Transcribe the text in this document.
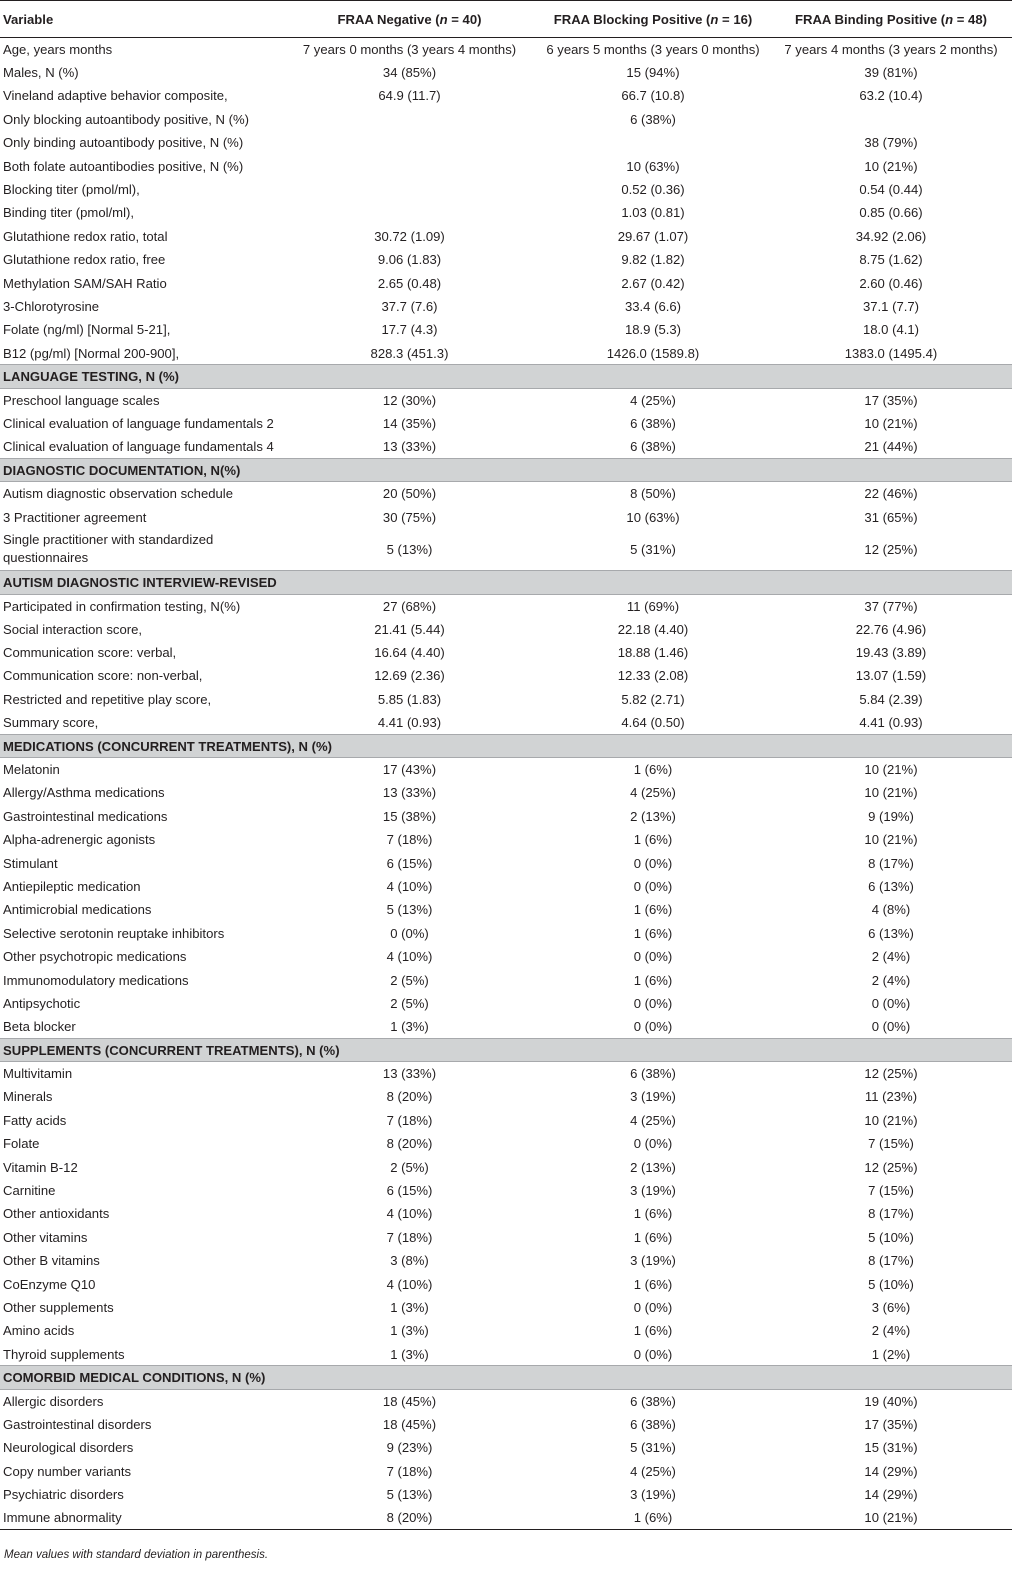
Variable	FRAA Negative (n = 40)	FRAA Blocking Positive (n = 16)	FRAA Binding Positive (n = 48)
Age, years months	7 years 0 months (3 years 4 months)	6 years 5 months (3 years 0 months)	7 years 4 months (3 years 2 months)
Males, N (%)	34 (85%)	15 (94%)	39 (81%)
Vineland adaptive behavior composite,	64.9 (11.7)	66.7 (10.8)	63.2 (10.4)
Only blocking autoantibody positive, N (%)		6 (38%)	
Only binding autoantibody positive, N (%)			38 (79%)
Both folate autoantibodies positive, N (%)		10 (63%)	10 (21%)
Blocking titer (pmol/ml),		0.52 (0.36)	0.54 (0.44)
Binding titer (pmol/ml),		1.03 (0.81)	0.85 (0.66)
Glutathione redox ratio, total	30.72 (1.09)	29.67 (1.07)	34.92 (2.06)
Glutathione redox ratio, free	9.06 (1.83)	9.82 (1.82)	8.75 (1.62)
Methylation SAM/SAH Ratio	2.65 (0.48)	2.67 (0.42)	2.60 (0.46)
3-Chlorotyrosine	37.7 (7.6)	33.4 (6.6)	37.1 (7.7)
Folate (ng/ml) [Normal 5-21],	17.7 (4.3)	18.9 (5.3)	18.0 (4.1)
B12 (pg/ml) [Normal 200-900],	828.3 (451.3)	1426.0 (1589.8)	1383.0 (1495.4)
LANGUAGE TESTING, N (%)			
Preschool language scales	12 (30%)	4 (25%)	17 (35%)
Clinical evaluation of language fundamentals 2	14 (35%)	6 (38%)	10 (21%)
Clinical evaluation of language fundamentals 4	13 (33%)	6 (38%)	21 (44%)
DIAGNOSTIC DOCUMENTATION, N(%)			
Autism diagnostic observation schedule	20 (50%)	8 (50%)	22 (46%)
3 Practitioner agreement	30 (75%)	10 (63%)	31 (65%)
Single practitioner with standardized questionnaires	5 (13%)	5 (31%)	12 (25%)
AUTISM DIAGNOSTIC INTERVIEW-REVISED			
Participated in confirmation testing, N(%)	27 (68%)	11 (69%)	37 (77%)
Social interaction score,	21.41 (5.44)	22.18 (4.40)	22.76 (4.96)
Communication score: verbal,	16.64 (4.40)	18.88 (1.46)	19.43 (3.89)
Communication score: non-verbal,	12.69 (2.36)	12.33 (2.08)	13.07 (1.59)
Restricted and repetitive play score,	5.85 (1.83)	5.82 (2.71)	5.84 (2.39)
Summary score,	4.41 (0.93)	4.64 (0.50)	4.41 (0.93)
MEDICATIONS (CONCURRENT TREATMENTS), N (%)			
Melatonin	17 (43%)	1 (6%)	10 (21%)
Allergy/Asthma medications	13 (33%)	4 (25%)	10 (21%)
Gastrointestinal medications	15 (38%)	2 (13%)	9 (19%)
Alpha-adrenergic agonists	7 (18%)	1 (6%)	10 (21%)
Stimulant	6 (15%)	0 (0%)	8 (17%)
Antiepileptic medication	4 (10%)	0 (0%)	6 (13%)
Antimicrobial medications	5 (13%)	1 (6%)	4 (8%)
Selective serotonin reuptake inhibitors	0 (0%)	1 (6%)	6 (13%)
Other psychotropic medications	4 (10%)	0 (0%)	2 (4%)
Immunomodulatory medications	2 (5%)	1 (6%)	2 (4%)
Antipsychotic	2 (5%)	0 (0%)	0 (0%)
Beta blocker	1 (3%)	0 (0%)	0 (0%)
SUPPLEMENTS (CONCURRENT TREATMENTS), N (%)			
Multivitamin	13 (33%)	6 (38%)	12 (25%)
Minerals	8 (20%)	3 (19%)	11 (23%)
Fatty acids	7 (18%)	4 (25%)	10 (21%)
Folate	8 (20%)	0 (0%)	7 (15%)
Vitamin B-12	2 (5%)	2 (13%)	12 (25%)
Carnitine	6 (15%)	3 (19%)	7 (15%)
Other antioxidants	4 (10%)	1 (6%)	8 (17%)
Other vitamins	7 (18%)	1 (6%)	5 (10%)
Other B vitamins	3 (8%)	3 (19%)	8 (17%)
CoEnzyme Q10	4 (10%)	1 (6%)	5 (10%)
Other supplements	1 (3%)	0 (0%)	3 (6%)
Amino acids	1 (3%)	1 (6%)	2 (4%)
Thyroid supplements	1 (3%)	0 (0%)	1 (2%)
COMORBID MEDICAL CONDITIONS, N (%)			
Allergic disorders	18 (45%)	6 (38%)	19 (40%)
Gastrointestinal disorders	18 (45%)	6 (38%)	17 (35%)
Neurological disorders	9 (23%)	5 (31%)	15 (31%)
Copy number variants	7 (18%)	4 (25%)	14 (29%)
Psychiatric disorders	5 (13%)	3 (19%)	14 (29%)
Immune abnormality	8 (20%)	1 (6%)	10 (21%)
Mean values with standard deviation in parenthesis.
